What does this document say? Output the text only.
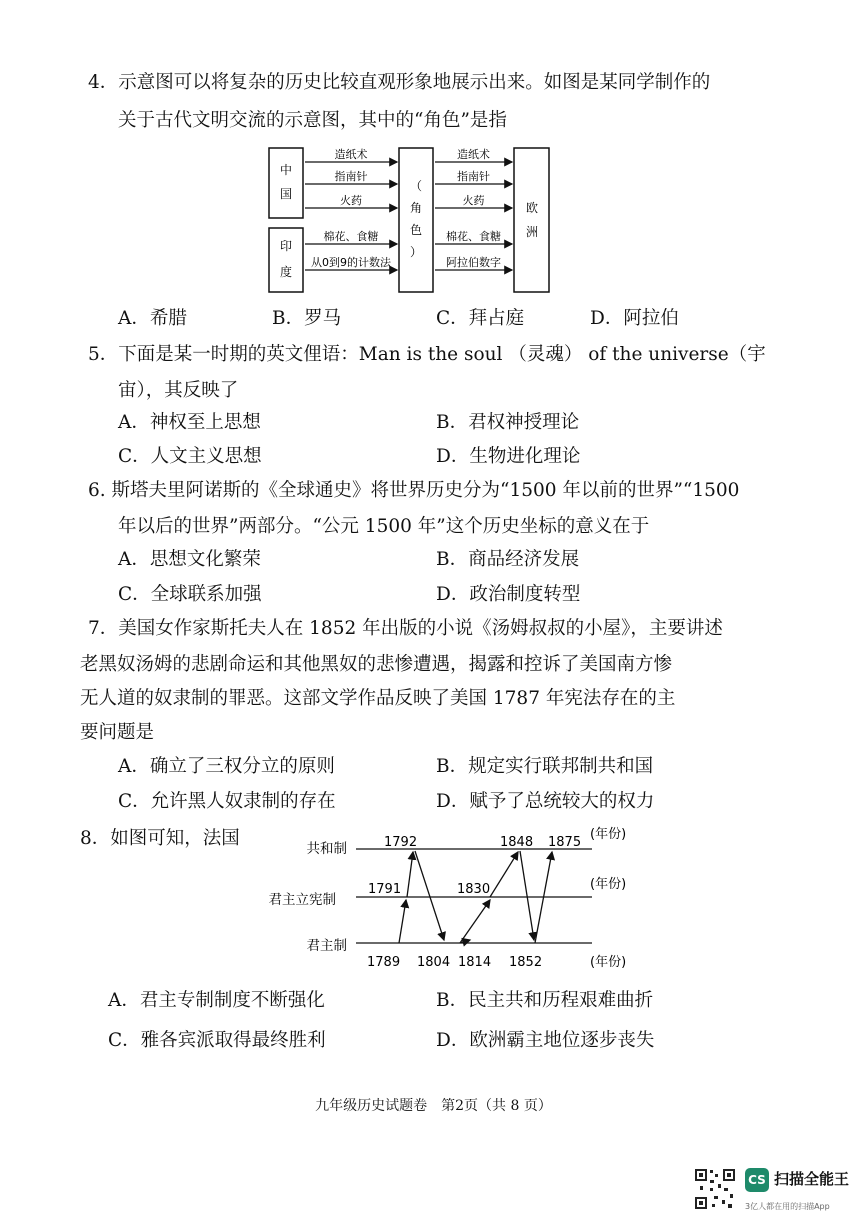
4．示意图可以将复杂的历史比较直观形象地展示出来。如图是某同学制作的
关于古代文明交流的示意图，其中的“角色”是指
中
国
印
度
（
角
色
）
欧
洲
造纸术
指南针
火药
棉花、食糖
从0到9的计数法
造纸术
指南针
火药
棉花、食糖
阿拉伯数字
A．希腊	B．罗马	C．拜占庭	D．阿拉伯
5．下面是某一时期的英文俚语：Man is the soul （灵魂） of the universe（宇
宙），其反映了
A．神权至上思想	B．君权神授理论
C．人文主义思想	D．生物进化理论
6. 斯塔夫里阿诺斯的《全球通史》将世界历史分为“1500 年以前的世界”“1500
年以后的世界”两部分。“公元 1500 年”这个历史坐标的意义在于
A．思想文化繁荣	B．商品经济发展
C．全球联系加强	D．政治制度转型
7．美国女作家斯托夫人在 1852 年出版的小说《汤姆叔叔的小屋》，主要讲述
老黑奴汤姆的悲剧命运和其他黑奴的悲惨遭遇，揭露和控诉了美国南方惨
无人道的奴隶制的罪恶。这部文学作品反映了美国 1787 年宪法存在的主
要问题是
A．确立了三权分立的原则	B．规定实行联邦制共和国
C．允许黑人奴隶制的存在	D．赋予了总统较大的权力
8．如图可知，法国	共和制
君主立宪制
君主制
(年份)
(年份)
(年份)
1792	1848 1875
1791	1830
1789 1804 1814 1852
A．君主专制制度不断强化	B．民主共和历程艰难曲折
C．雅各宾派取得最终胜利	D．欧洲霸主地位逐步丧失
九年级历史试题卷　第2页（共 8 页）
CS 扫描全能王
3亿人都在用的扫描App
